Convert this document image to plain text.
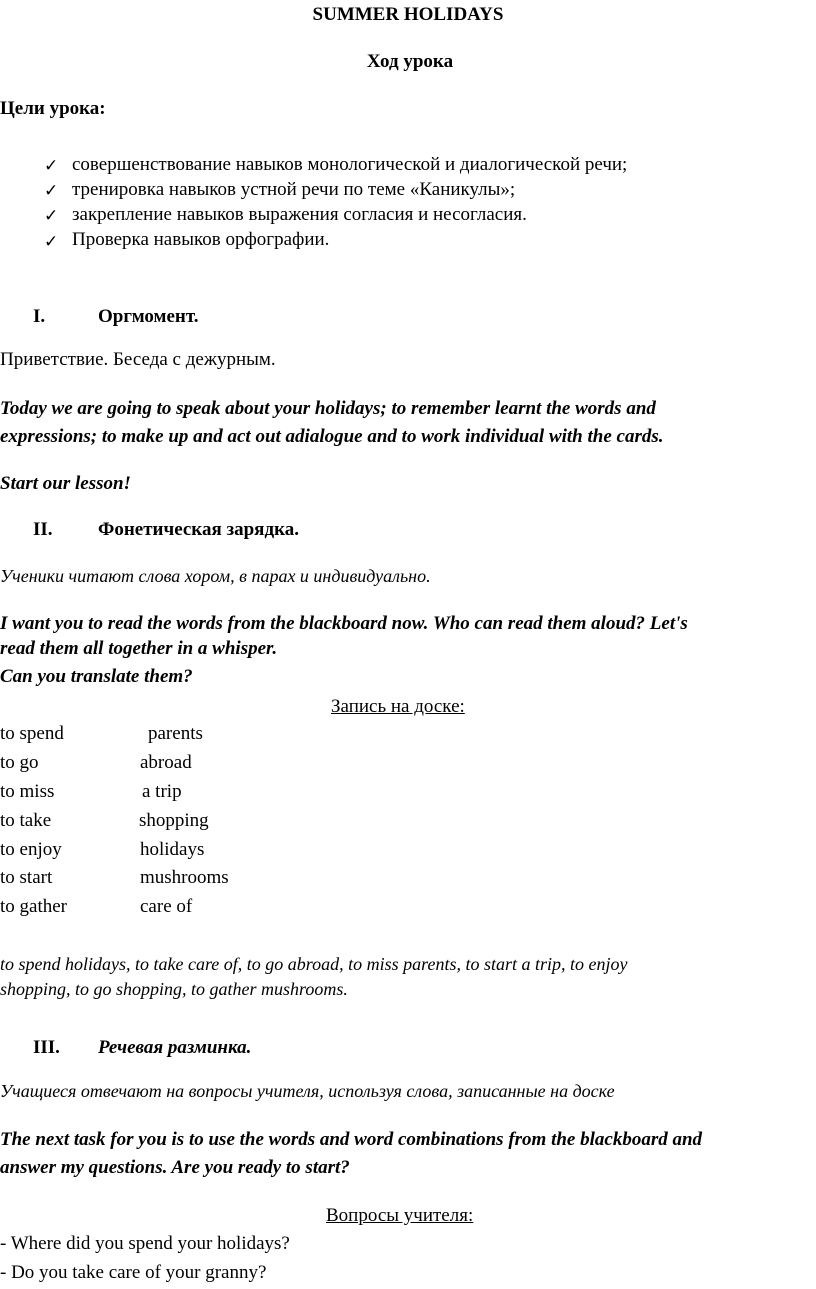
SUMMER HOLIDAYS
Ход урока
Цели урока:
✓ совершенствование навыков монологической и диалогической речи;
✓ тренировка навыков устной речи по теме «Каникулы»;
✓ закрепление навыков выражения согласия и несогласия.
✓ Проверка навыков орфографии.
I.	Оргмомент.
Приветствие. Беседа с дежурным.
Today we are going to speak about your holidays; to remember learnt the words and
expressions; to make up and act out adialogue and to work individual with the cards.
Start our lesson!
II. Фонетическая зарядка.
Ученики читают слова хором, в парах и индивидуально.
I want you to read the words from the blackboard now. Who can read them aloud? Let's
read them all together in a whisper.
Can you translate them?
Запись на доске:
to spend	parents
to go	abroad
to miss	a trip
to take	shopping
to enjoy	holidays
to start	mushrooms
to gather	care of
to spend holidays, to take care of, to go abroad, to miss parents, to start a trip, to enjoy
shopping, to go shopping, to gather mushrooms.
III. Речевая разминка.
Учащиеся отвечают на вопросы учителя, используя слова, записанные на доске
The next task for you is to use the words and word combinations from the blackboard and
answer my questions. Are you ready to start?
Вопросы учителя:
- Where did you spend your holidays?
- Do you take care of your granny?
